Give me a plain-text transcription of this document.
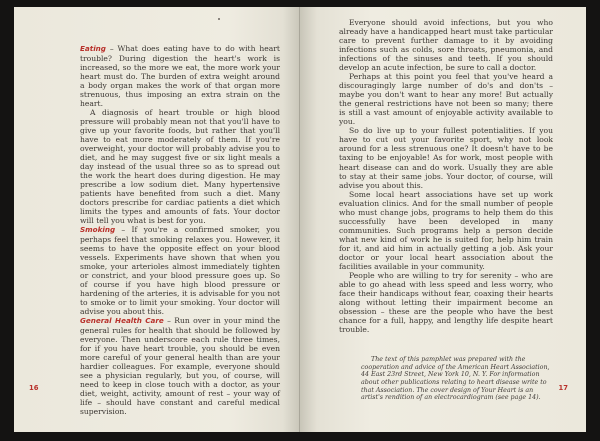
Eating – What does eating have to do with heart trouble? During digestion the heart's work is increased, so the more we eat, the more work your heart must do. The burden of extra weight around a body organ makes the work of that organ more strenuous, thus imposing an extra strain on the heart.

A diagnosis of heart trouble or high blood pressure will probably mean not that you'll have to give up your favorite foods, but rather that you'll have to eat more moderately of them. If you're overweight, your doctor will probably advise you to diet, and he may suggest five or six light meals a day instead of the usual three so as to spread out the work the heart does during digestion. He may prescribe a low sodium diet. Many hypertensive patients have benefited from such a diet. Many doctors prescribe for cardiac patients a diet which limits the types and amounts of fats. Your doctor will tell you what is best for you.

Smoking – If you're a confirmed smoker, you perhaps feel that smoking relaxes you. However, it seems to have the opposite effect on your blood vessels. Experiments have shown that when you smoke, your arterioles almost immediately tighten or constrict, and your blood pressure goes up. So of course if you have high blood pressure or hardening of the arteries, it is advisable for you not to smoke or to limit your smoking. Your doctor will advise you about this.

General Health Care – Run over in your mind the general rules for health that should be followed by everyone. Then underscore each rule three times, for if you have heart trouble, you should be even more careful of your general health than are your hardier colleagues. For example, everyone should see a physician regularly, but you, of course, will need to keep in close touch with a doctor, as your diet, weight, activity, amount of rest – your way of life – should have constant and careful medical supervision.

16

Everyone should avoid infections, but you who already have a handicapped heart must take particular care to prevent further damage to it by avoiding infections such as colds, sore throats, pneumonia, and infections of the sinuses and teeth. If you should develop an acute infection, be sure to call a doctor.

Perhaps at this point you feel that you've heard a discouragingly large number of do's and don'ts – maybe you don't want to hear any more! But actually the general restrictions have not been so many; there is still a vast amount of enjoyable activity available to you.

So do live up to your fullest potentialities. If you have to cut out your favorite sport, why not look around for a less strenuous one? It doesn't have to be taxing to be enjoyable! As for work, most people with heart disease can and do work. Usually they are able to stay at their same jobs. Your doctor, of course, will advise you about this.

Some local heart associations have set up work evaluation clinics. And for the small number of people who must change jobs, programs to help them do this successfully have been developed in many communities. Such programs help a person decide what new kind of work he is suited for, help him train for it, and aid him in actually getting a job. Ask your doctor or your local heart association about the facilities available in your community.

People who are willing to try for serenity – who are able to go ahead with less speed and less worry, who face their handicaps without fear, coaxing their hearts along without letting their impairment become an obsession – these are the people who have the best chance for a full, happy, and lengthy life despite heart trouble.

The text of this pamphlet was prepared with the cooperation and advice of the American Heart Association, 44 East 23rd Street, New York 10, N. Y. For information about other publications relating to heart disease write to that Association. The cover design of Your Heart is an artist's rendition of an electrocardiogram (see page 14).

17
